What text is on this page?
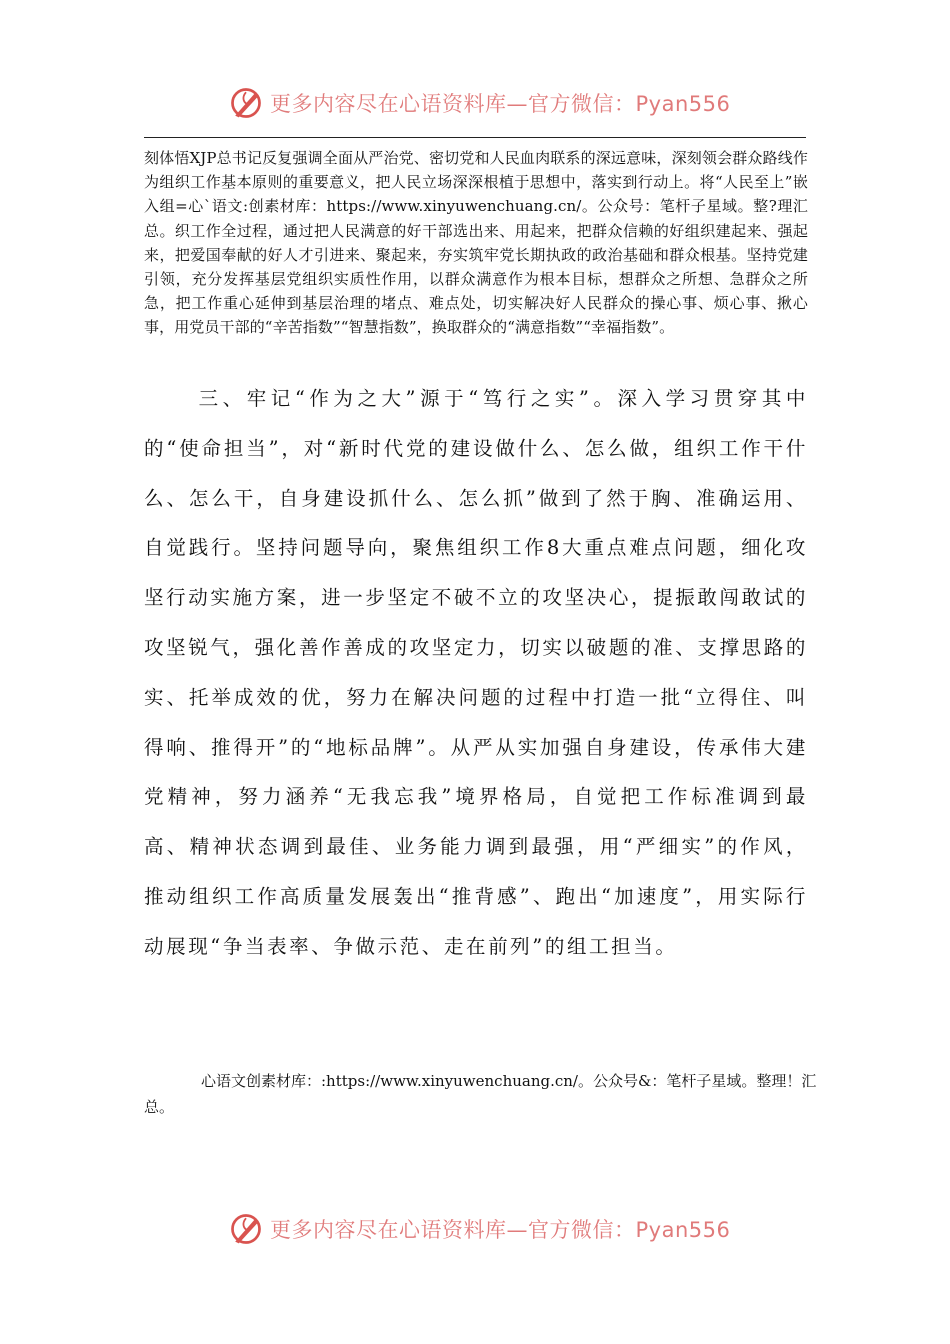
更多内容尽在心语资料库—官方微信：Pyan556

刻体悟XJP总书记反复强调全面从严治党、密切党和人民血肉联系的深远意味，深刻领会群众路线作为组织工作基本原则的重要意义，把人民立场深深根植于思想中，落实到行动上。将“人民至上”嵌入组=心`语文:创素材库：https://www.xinyuwenchuang.cn/。公众号：笔杆子星域。整?理汇总。织工作全过程，通过把人民满意的好干部选出来、用起来，把群众信赖的好组织建起来、强起来，把爱国奉献的好人才引进来、聚起来，夯实筑牢党长期执政的政治基础和群众根基。坚持党建引领，充分发挥基层党组织实质性作用，以群众满意作为根本目标，想群众之所想、急群众之所急，把工作重心延伸到基层治理的堵点、难点处，切实解决好人民群众的操心事、烦心事、揪心事，用党员干部的“辛苦指数”“智慧指数”，换取群众的“满意指数”“幸福指数”。

三、牢记“作为之大”源于“笃行之实”。深入学习贯穿其中的“使命担当”，对“新时代党的建设做什么、怎么做，组织工作干什么、怎么干，自身建设抓什么、怎么抓”做到了然于胸、准确运用、自觉践行。坚持问题导向，聚焦组织工作8大重点难点问题，细化攻坚行动实施方案，进一步坚定不破不立的攻坚决心，提振敢闯敢试的攻坚锐气，强化善作善成的攻坚定力，切实以破题的准、支撑思路的实、托举成效的优，努力在解决问题的过程中打造一批“立得住、叫得响、推得开”的“地标品牌”。从严从实加强自身建设，传承伟大建党精神，努力涵养“无我忘我”境界格局，自觉把工作标准调到最高、精神状态调到最佳、业务能力调到最强，用“严细实”的作风，推动组织工作高质量发展轰出“推背感”、跑出“加速度”，用实际行动展现“争当表率、争做示范、走在前列”的组工担当。

心语文创素材库：:https://www.xinyuwenchuang.cn/。公众号&：笔杆子星域。整理！汇总。

更多内容尽在心语资料库—官方微信：Pyan556
